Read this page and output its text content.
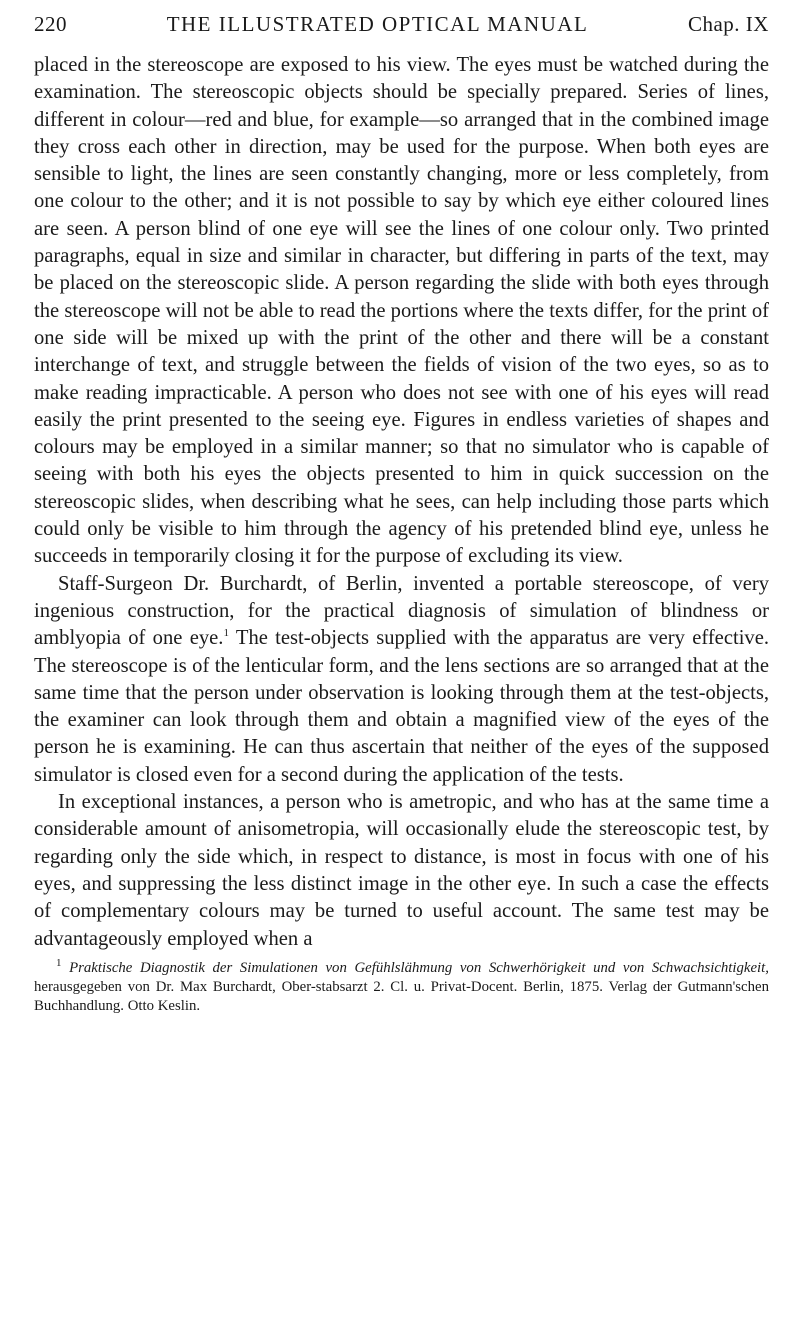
220	THE ILLUSTRATED OPTICAL MANUAL	Chap. IX

placed in the stereoscope are exposed to his view. The eyes must be watched during the examination. The stereoscopic objects should be specially prepared. Series of lines, different in colour—red and blue, for example—so arranged that in the combined image they cross each other in direction, may be used for the purpose. When both eyes are sensible to light, the lines are seen constantly changing, more or less completely, from one colour to the other; and it is not possible to say by which eye either coloured lines are seen. A person blind of one eye will see the lines of one colour only. Two printed paragraphs, equal in size and similar in character, but differing in parts of the text, may be placed on the stereoscopic slide. A person regarding the slide with both eyes through the stereoscope will not be able to read the portions where the texts differ, for the print of one side will be mixed up with the print of the other and there will be a constant interchange of text, and struggle between the fields of vision of the two eyes, so as to make reading impracticable. A person who does not see with one of his eyes will read easily the print presented to the seeing eye. Figures in endless varieties of shapes and colours may be employed in a similar manner; so that no simulator who is capable of seeing with both his eyes the objects presented to him in quick succession on the stereoscopic slides, when describing what he sees, can help including those parts which could only be visible to him through the agency of his pretended blind eye, unless he succeeds in temporarily closing it for the purpose of excluding its view.

Staff-Surgeon Dr. Burchardt, of Berlin, invented a portable stereoscope, of very ingenious construction, for the practical diagnosis of simulation of blindness or amblyopia of one eye.$^1$ The test-objects supplied with the apparatus are very effective. The stereoscope is of the lenticular form, and the lens sections are so arranged that at the same time that the person under observation is looking through them at the test-objects, the examiner can look through them and obtain a magnified view of the eyes of the person he is examining. He can thus ascertain that neither of the eyes of the supposed simulator is closed even for a second during the application of the tests.

In exceptional instances, a person who is ametropic, and who has at the same time a considerable amount of anisometropia, will occasionally elude the stereoscopic test, by regarding only the side which, in respect to distance, is most in focus with one of his eyes, and suppressing the less distinct image in the other eye. In such a case the effects of complementary colours may be turned to useful account. The same test may be advantageously employed when a

$^1$ Praktische Diagnostik der Simulationen von Gefühlslähmung von Schwerhörigkeit und von Schwachsichtigkeit, herausgegeben von Dr. Max Burchardt, Ober-stabsarzt 2. Cl. u. Privat-Docent. Berlin, 1875. Verlag der Gutmann'schen Buchhandlung. Otto Keslin.
